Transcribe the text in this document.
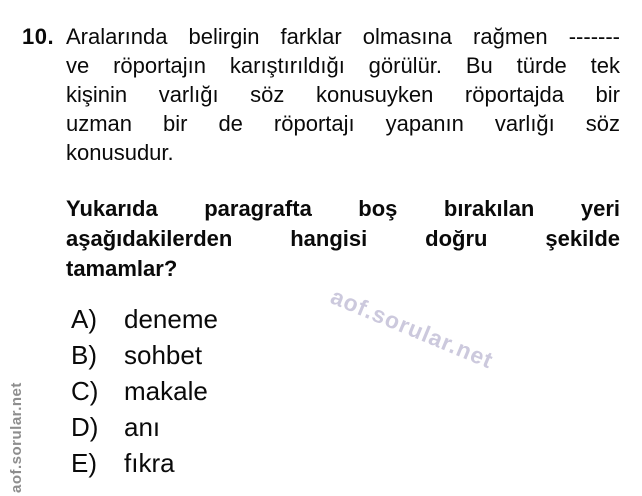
10. Aralarında belirgin farklar olmasına rağmen -------
ve röportajın karıştırıldığı görülür. Bu türde tek
kişinin varlığı söz konusuyken röportajda bir
uzman bir de röportajı yapanın varlığı söz
konusudur.
Yukarıda paragrafta boş bırakılan yeri
aşağıdakilerden hangisi doğru şekilde
tamamlar?
A)	deneme
B)	sohbet
C) makale
D) anı
E)	fıkra
aof.sorular.net
aof.sorular.net
